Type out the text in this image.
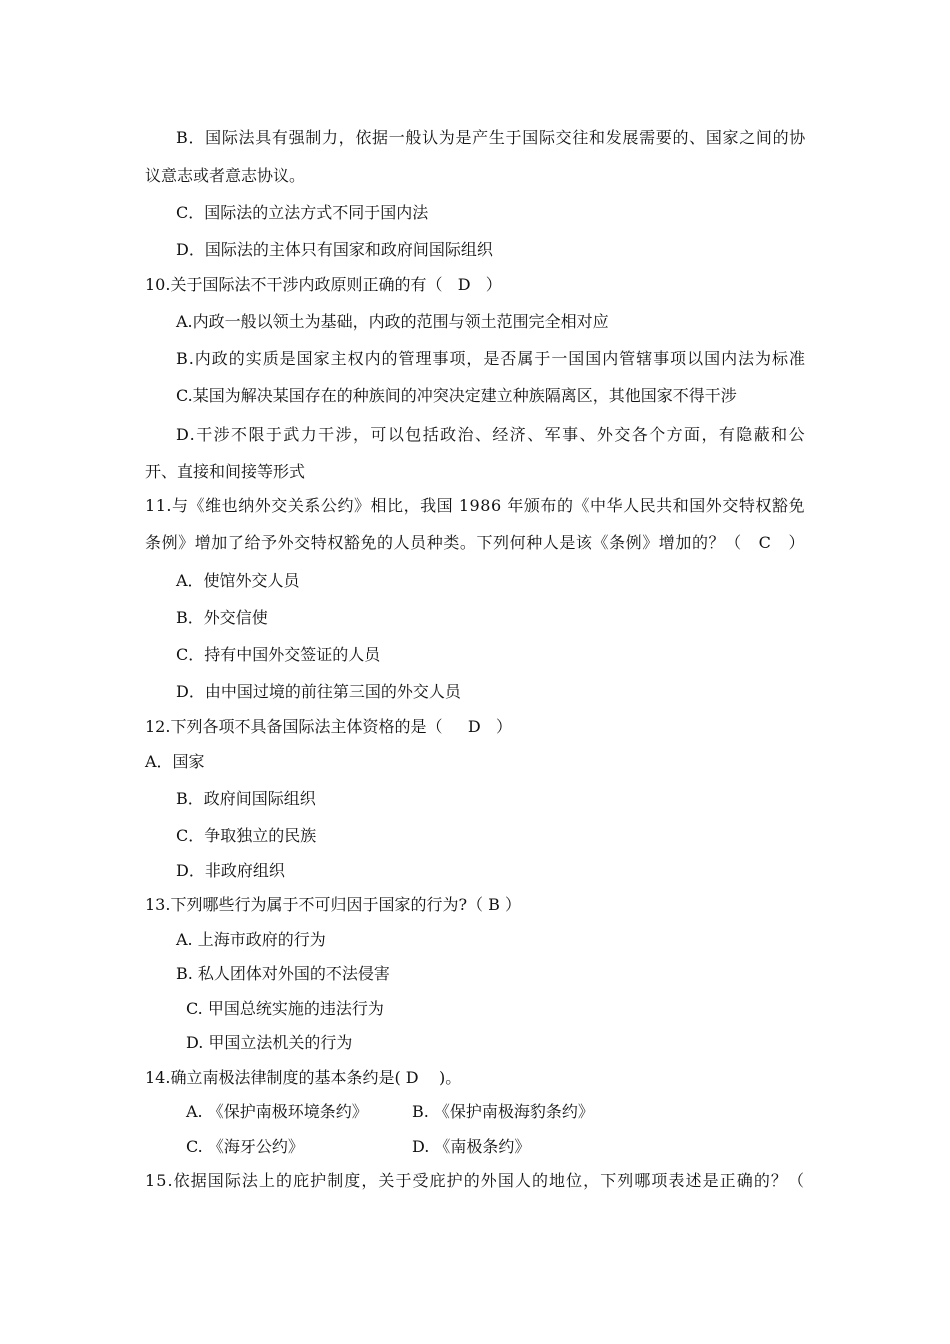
B．国际法具有强制力，依据一般认为是产生于国际交往和发展需要的、国家之间的协
议意志或者意志协议。
C．国际法的立法方式不同于国内法
D．国际法的主体只有国家和政府间国际组织
10.关于国际法不干涉内政原则正确的有（   D   ）
A.内政一般以领土为基础，内政的范围与领土范围完全相对应
B.内政的实质是国家主权内的管理事项，是否属于一国国内管辖事项以国内法为标准
C.某国为解决某国存在的种族间的冲突决定建立种族隔离区，其他国家不得干涉
D.干涉不限于武力干涉，可以包括政治、经济、军事、外交各个方面，有隐蔽和公
开、直接和间接等形式
11.与《维也纳外交关系公约》相比，我国 1986 年颁布的《中华人民共和国外交特权豁免
条例》增加了给予外交特权豁免的人员种类。下列何种人是该《条例》增加的？（   C   ）
A．使馆外交人员
B．外交信使
C．持有中国外交签证的人员
D．由中国过境的前往第三国的外交人员
12.下列各项不具备国际法主体资格的是（     D   ）
A．国家
B．政府间国际组织
C．争取独立的民族
D．非政府组织
13.下列哪些行为属于不可归因于国家的行为?（ B ）
A. 上海市政府的行为
B. 私人团体对外国的不法侵害
C. 甲国总统实施的违法行为
D. 甲国立法机关的行为
14.确立南极法律制度的基本条约是( D    )。
A. 《保护南极环境条约》	B. 《保护南极海豹条约》
C. 《海牙公约》	D. 《南极条约》
15.依据国际法上的庇护制度，关于受庇护的外国人的地位，下列哪项表述是正确的？（
